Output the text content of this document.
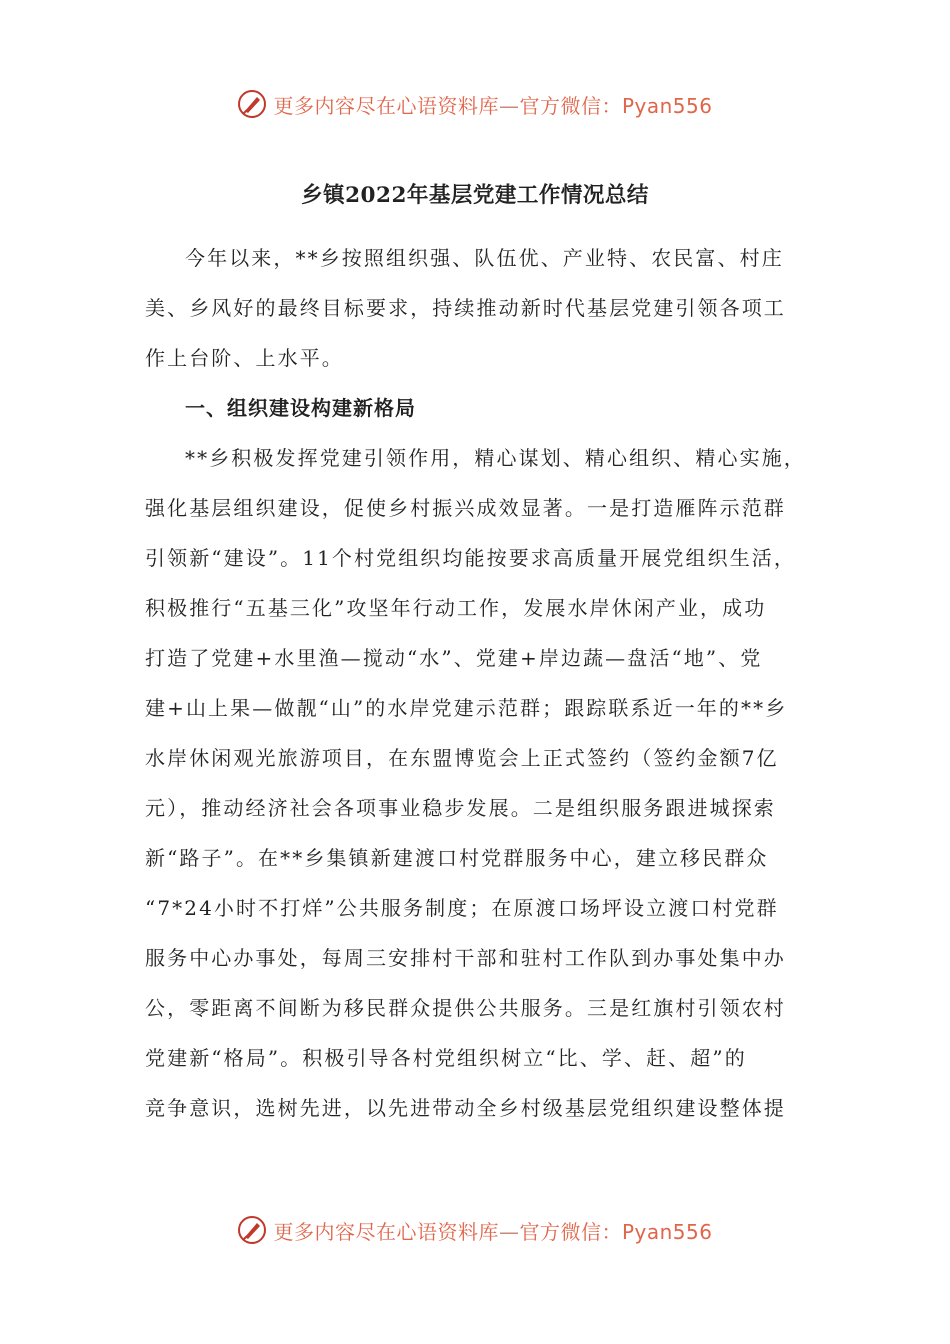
更多内容尽在心语资料库—官方微信：Pyan556
乡镇2022年基层党建工作情况总结
今年以来，**乡按照组织强、队伍优、产业特、农民富、村庄
美、乡风好的最终目标要求，持续推动新时代基层党建引领各项工
作上台阶、上水平。
一、组织建设构建新格局
**乡积极发挥党建引领作用，精心谋划、精心组织、精心实施，
强化基层组织建设，促使乡村振兴成效显著。一是打造雁阵示范群
引领新“建设”。11个村党组织均能按要求高质量开展党组织生活，
积极推行“五基三化”攻坚年行动工作，发展水岸休闲产业，成功
打造了党建+水里渔—搅动“水”、党建+岸边蔬—盘活“地”、党
建+山上果—做靓“山”的水岸党建示范群；跟踪联系近一年的**乡
水岸休闲观光旅游项目，在东盟博览会上正式签约（签约金额7亿
元），推动经济社会各项事业稳步发展。二是组织服务跟进城探索
新“路子”。在**乡集镇新建渡口村党群服务中心，建立移民群众
“7*24小时不打烊”公共服务制度；在原渡口场坪设立渡口村党群
服务中心办事处，每周三安排村干部和驻村工作队到办事处集中办
公，零距离不间断为移民群众提供公共服务。三是红旗村引领农村
党建新“格局”。积极引导各村党组织树立“比、学、赶、超”的
竞争意识，选树先进，以先进带动全乡村级基层党组织建设整体提
更多内容尽在心语资料库—官方微信：Pyan556
